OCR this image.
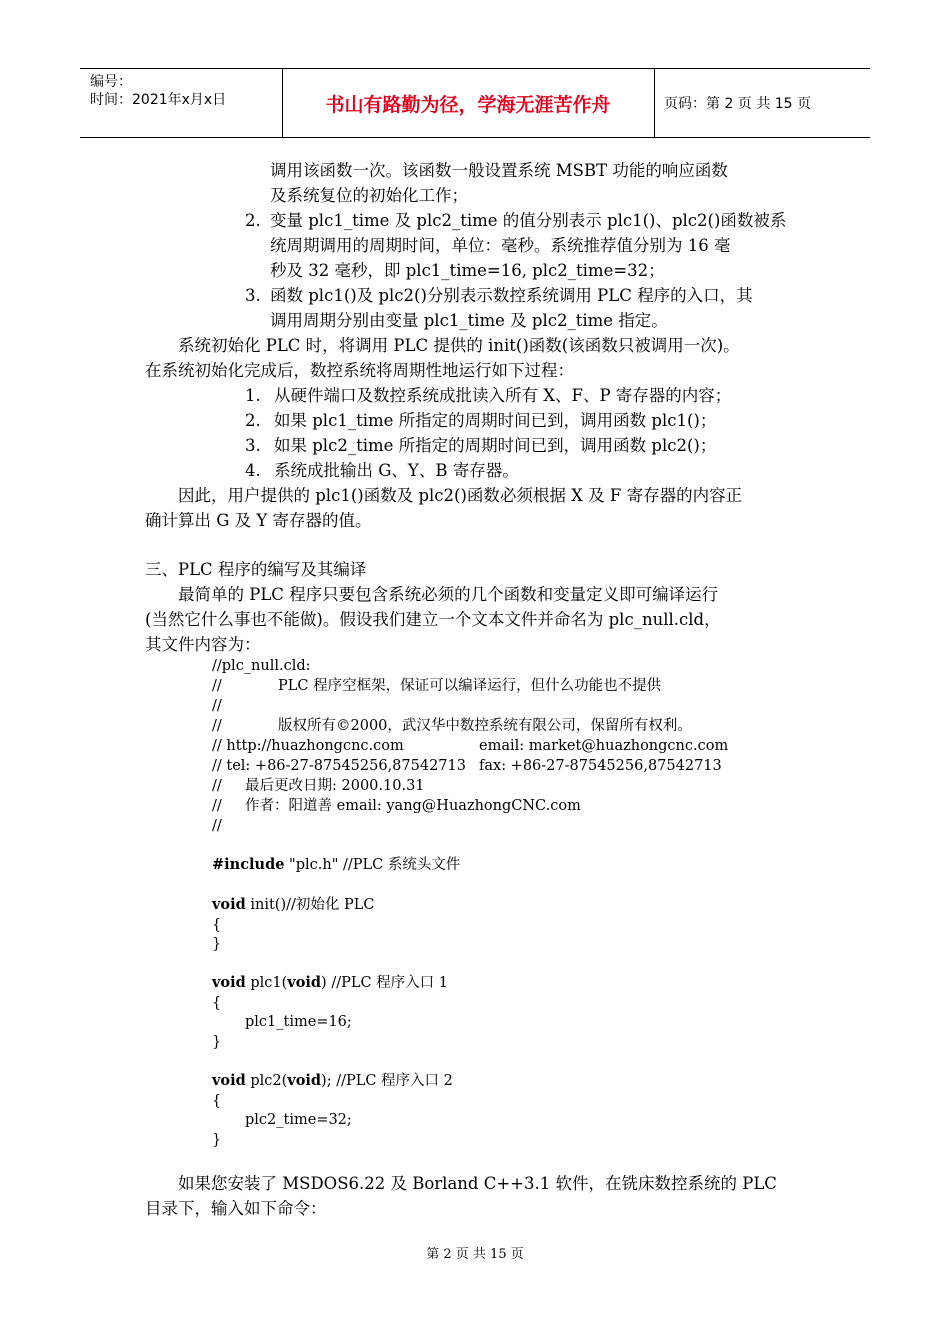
编号：
时间：2021年x月x日	书山有路勤为径，学海无涯苦作舟	页码：第 2 页 共 15 页
调用该函数一次。该函数一般设置系统 MSBT 功能的响应函数
及系统复位的初始化工作；
2. 变量 plc1_time 及 plc2_time 的值分别表示 plc1()、plc2()函数被系
统周期调用的周期时间，单位：毫秒。系统推荐值分别为 16 毫
秒及 32 毫秒，即 plc1_time=16, plc2_time=32；
3. 函数 plc1()及 plc2()分别表示数控系统调用 PLC 程序的入口，其
调用周期分别由变量 plc1_time 及 plc2_time 指定。
系统初始化 PLC 时，将调用 PLC 提供的 init()函数(该函数只被调用一次)。
在系统初始化完成后，数控系统将周期性地运行如下过程：
1. 从硬件端口及数控系统成批读入所有 X、F、P 寄存器的内容；
2. 如果 plc1_time 所指定的周期时间已到，调用函数 plc1()；
3. 如果 plc2_time 所指定的周期时间已到，调用函数 plc2()；
4. 系统成批输出 G、Y、B 寄存器。
因此，用户提供的 plc1()函数及 plc2()函数必须根据 X 及 F 寄存器的内容正
确计算出 G 及 Y 寄存器的值。
三、PLC 程序的编写及其编译
最简单的 PLC 程序只要包含系统必须的几个函数和变量定义即可编译运行
(当然它什么事也不能做)。假设我们建立一个文本文件并命名为 plc_null.cld，
其文件内容为：
//plc_null.cld:
//	PLC 程序空框架，保证可以编译运行，但什么功能也不提供
//
//	版权所有©2000，武汉华中数控系统有限公司，保留所有权利。
// http://huazhongcnc.com	email: market@huazhongcnc.com
// tel: +86-27-87545256,87542713 fax: +86-27-87545256,87542713
// 最后更改日期: 2000.10.31
// 作者：阳道善 email: yang@HuazhongCNC.com
//
#include "plc.h" //PLC 系统头文件
void init()//初始化 PLC
{
}
void plc1(void) //PLC 程序入口 1
{
plc1_time=16;
}
void plc2(void); //PLC 程序入口 2
{
plc2_time=32;
}
如果您安装了 MSDOS6.22 及 Borland C++3.1 软件，在铣床数控系统的 PLC
目录下，输入如下命令：
第 2 页 共 15 页
